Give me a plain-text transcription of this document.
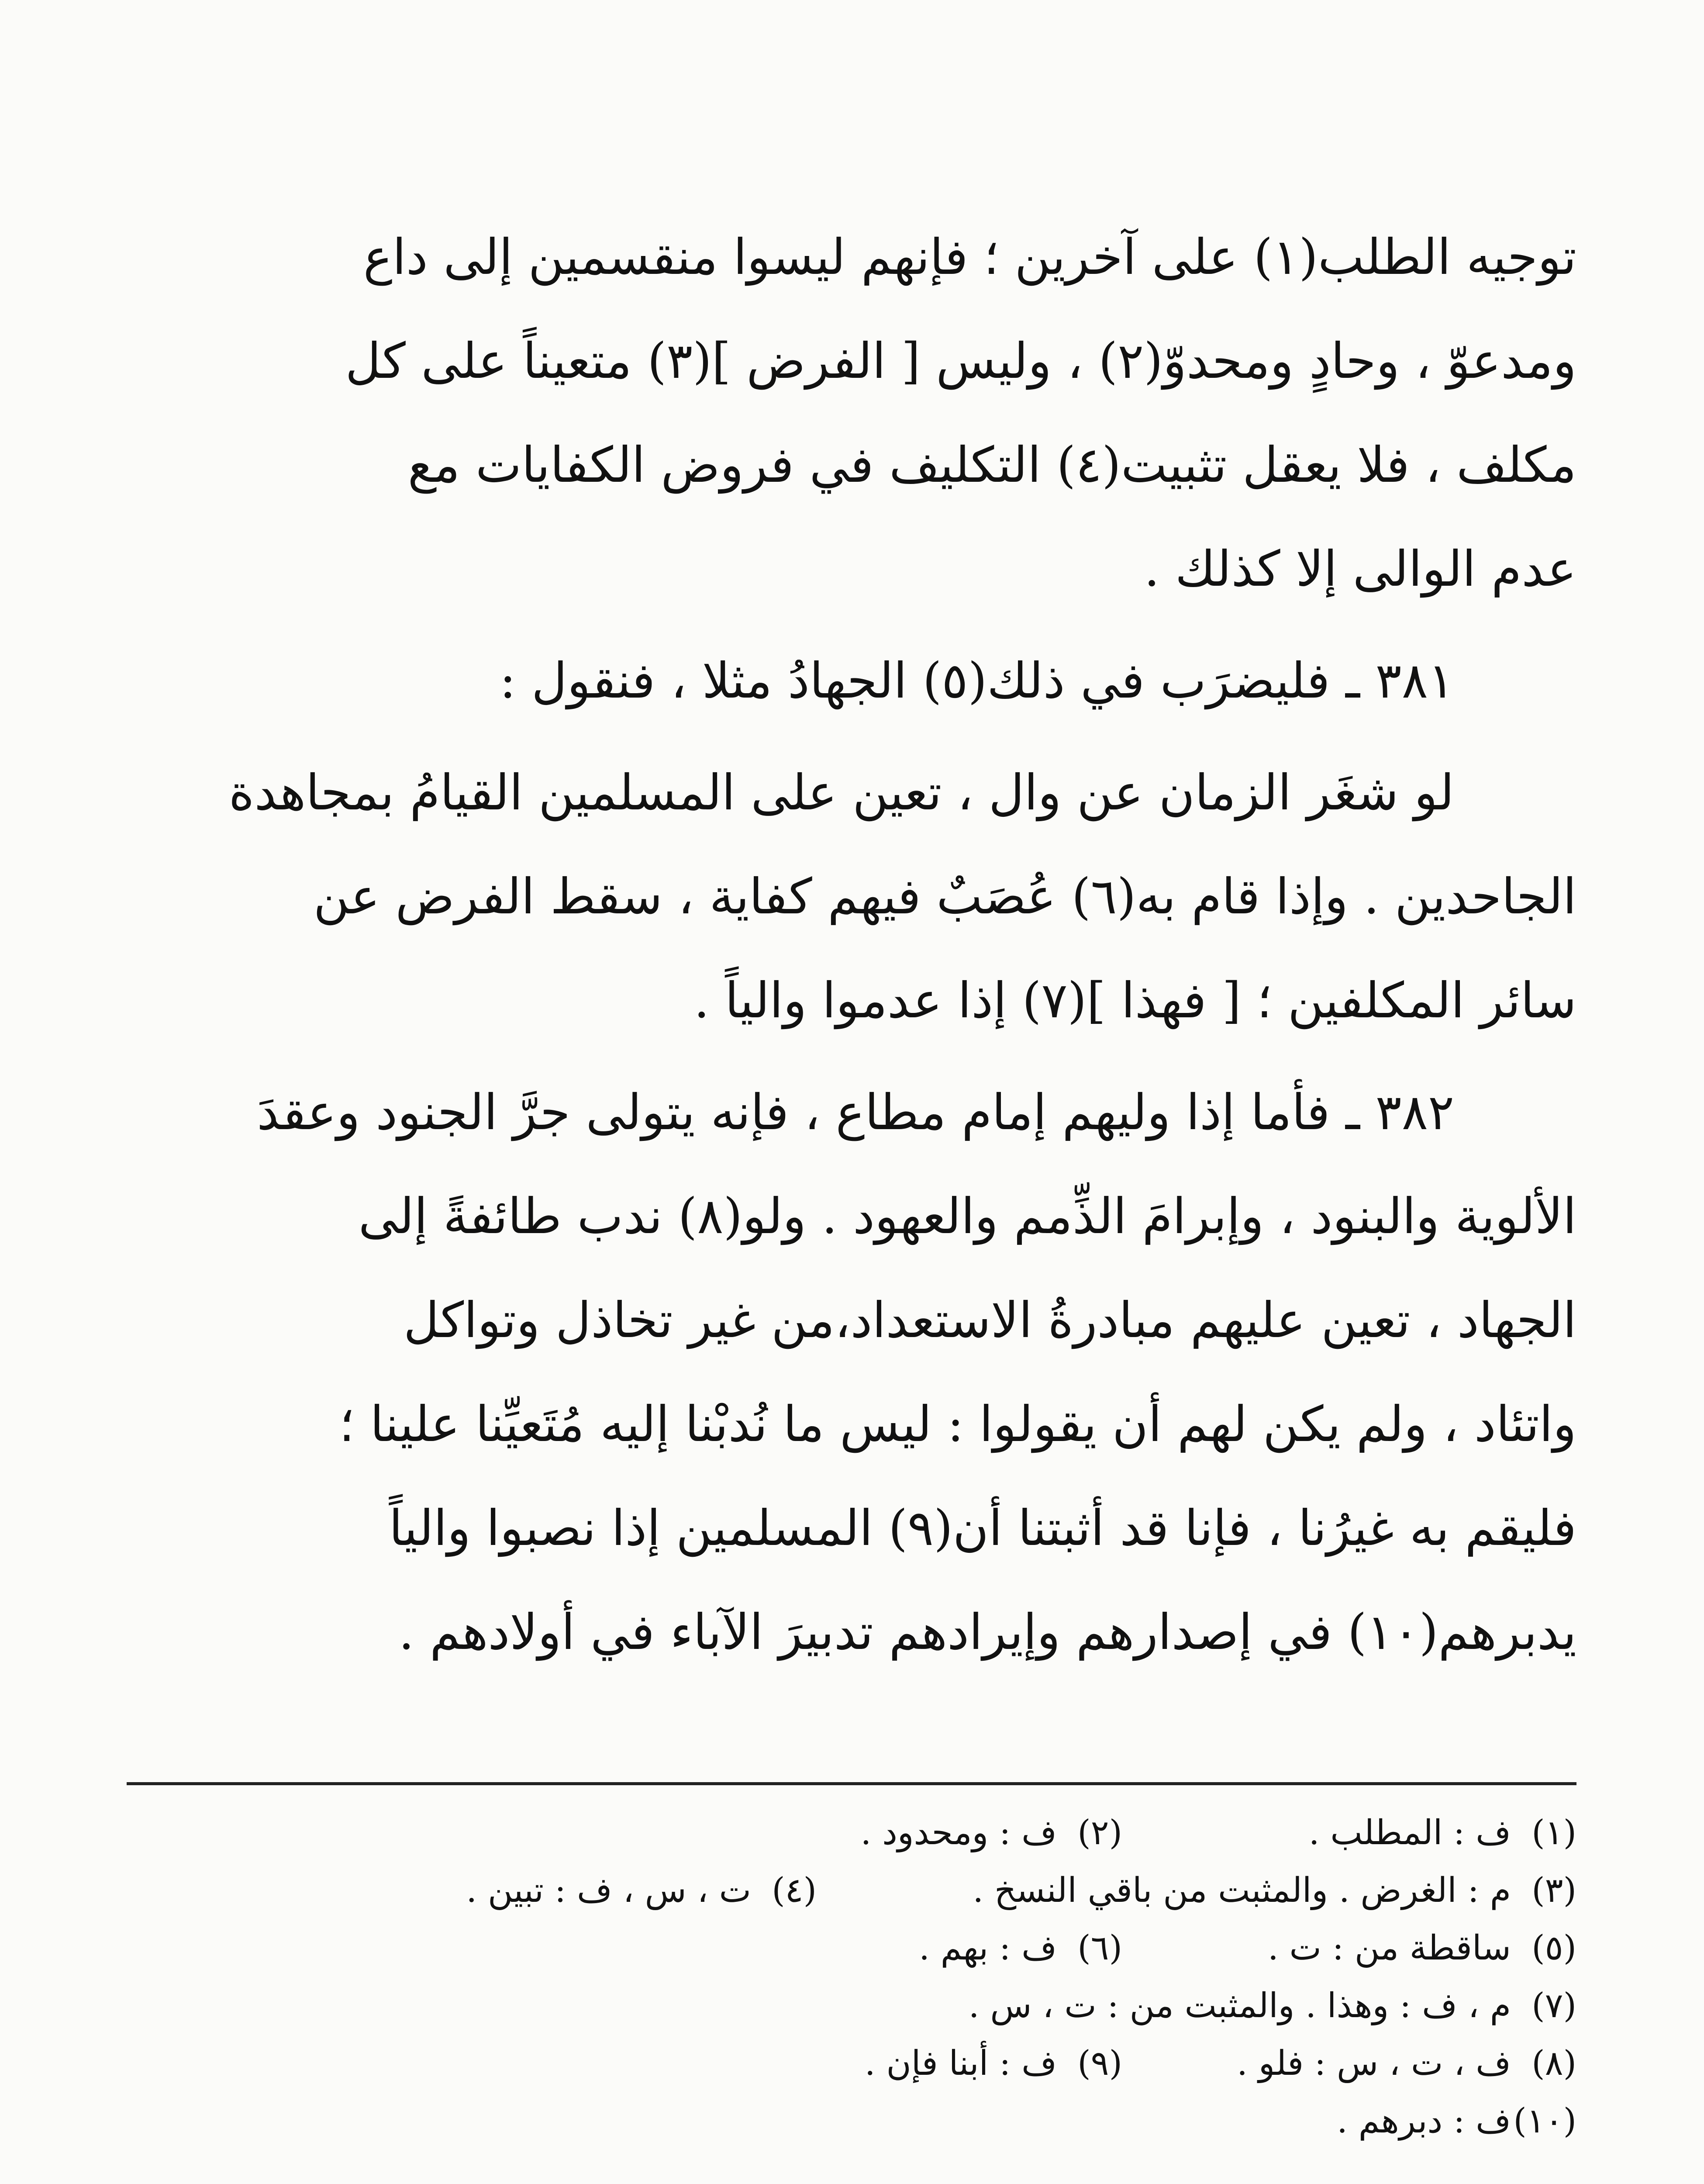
توجيه الطلب(١) على آخرين ؛ فإنهم ليسوا منقسمين إلى داع
ومدعوّ ، وحادٍ ومحدوّ(٢) ، وليس [ الفرض ](٣) متعيناً على كل
مكلف ، فلا يعقل تثبيت(٤) التكليف في فروض الكفايات مع
عدم الوالى إلا كذلك .

٣٨١ ـ فليضرَب في ذلك(٥) الجهادُ مثلا ، فنقول :

لو شغَر الزمان عن وال ، تعين على المسلمين القيامُ بمجاهدة
الجاحدين . وإذا قام به(٦) عُصَبٌ فيهم كفاية ، سقط الفرض عن
سائر المكلفين ؛ [ فهذا ](٧) إذا عدموا والياً .

٣٨٢ ـ فأما إذا وليهم إمام مطاع ، فإنه يتولى جرَّ الجنود وعقدَ
الألوية والبنود ، وإبرامَ الذِّمم والعهود . ولو(٨) ندب طائفةً إلى
الجهاد ، تعين عليهم مبادرةُ الاستعداد،من غير تخاذل وتواكل
واتئاد ، ولم يكن لهم أن يقولوا : ليس ما نُدبْنا إليه مُتَعيِّنا علينا ؛
فليقم به غيرُنا ، فإنا قد أثبتنا أن(٩) المسلمين إذا نصبوا والياً
يدبرهم(١٠) في إصدارهم وإيرادهم تدبيرَ الآباء في أولادهم .

(١)ف : المطلب .
(٢)ف : ومحدود .
(٣)م : الغرض . والمثبت من باقي النسخ .
(٤)ت ، س ، ف : تبين .
(٥)ساقطة من : ت .
(٦)ف : بهم .
(٧)م ، ف : وهذا . والمثبت من : ت ، س .
(٨)ف ، ت ، س : فلو .
(٩)ف : أبنا فإن .
(١٠)ف : دبرهم .
